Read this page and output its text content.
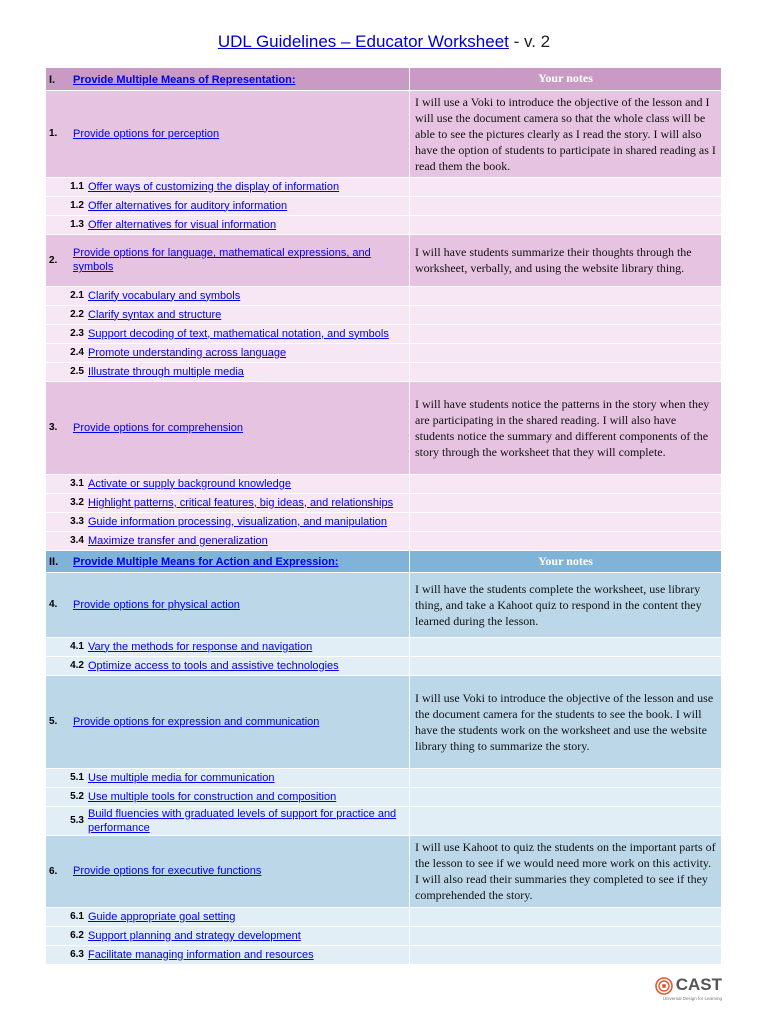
UDL Guidelines – Educator Worksheet - v. 2
I. Provide Multiple Means of Representation:	Your notes

1. Provide options for perception	I will use a Voki to introduce the objective of the lesson and I will use the document camera so that the whole class will be able to see the pictures clearly as I read the story. I will also have the option of students to participate in shared reading as I read them the book.

1.1 Offer ways of customizing the display of information	

1.2 Offer alternatives for auditory information	

1.3 Offer alternatives for visual information	

2.
Provide options for language, mathematical expressions, and symbols	I will have students summarize their thoughts through the worksheet, verbally, and using the website library thing.

2.1 Clarify vocabulary and symbols	

2.2 Clarify syntax and structure	

2.3 Support decoding of text, mathematical notation, and symbols	

2.4 Promote understanding across language	

2.5 Illustrate through multiple media	

3. Provide options for comprehension	I will have students notice the patterns in the story when they are participating in the shared reading. I will also have students notice the summary and different components of the story through the worksheet that they will complete.

3.1 Activate or supply background knowledge	

3.2 Highlight patterns, critical features, big ideas, and relationships	

3.3 Guide information processing, visualization, and manipulation	

3.4 Maximize transfer and generalization	

II. Provide Multiple Means for Action and Expression:	Your notes

4. Provide options for physical action	I will have the students complete the worksheet, use library thing, and take a Kahoot quiz to respond in the content they learned during the lesson.

4.1 Vary the methods for response and navigation	

4.2 Optimize access to tools and assistive technologies	

5. Provide options for expression and communication	I will use Voki to introduce the objective of the lesson and use the document camera for the students to see the book. I will have the students work on the worksheet and use the website library thing to summarize the story.

5.1 Use multiple media for communication	

5.2 Use multiple tools for construction and composition	

5.3
Build fluencies with graduated levels of support for practice and performance	

6. Provide options for executive functions	I will use Kahoot to quiz the students on the important parts of the lesson to see if we would need more work on this activity. I will also read their summaries they completed to see if they comprehended the story.

6.1 Guide appropriate goal setting	

6.2 Support planning and strategy development	

6.3 Facilitate managing information and resources	

CAST
Universal Design for Learning
